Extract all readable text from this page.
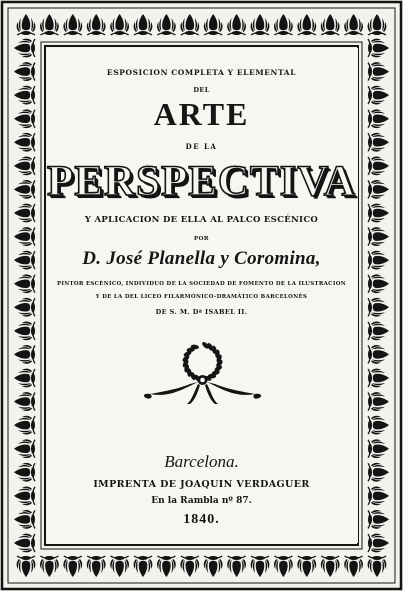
ESPOSICION COMPLETA Y ELEMENTAL
DEL
ARTE
DE LA
PERSPECTIVA
Y APLICACION DE ELLA AL PALCO ESCÉNICO
POR
D. José Planella y Coromina,
PINTOR ESCÉNICO, INDIVIDUO DE LA SOCIEDAD DE FOMENTO DE LA ILUSTRACION
Y DE LA DEL LICEO FILARMÓNICO-DRAMÁTICO BARCELONÉS
DE S. M. Dª ISABEL II.
Barcelona.
IMPRENTA DE JOAQUIN VERDAGUER
En la Rambla nº 87.
1840.
